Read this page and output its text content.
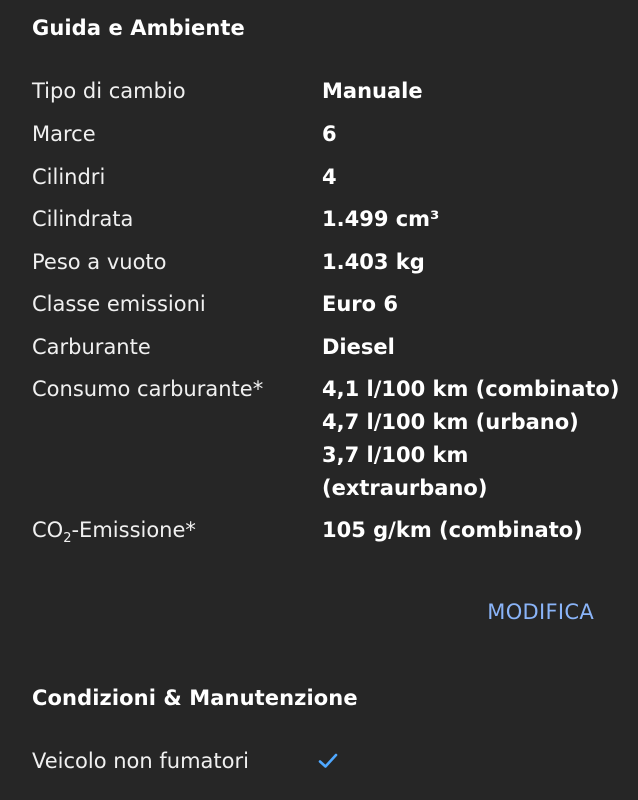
Guida e Ambiente
Tipo di cambio	Manuale
Marce	6
Cilindri	4
Cilindrata	1.499 cm³
Peso a vuoto	1.403 kg
Classe emissioni	Euro 6
Carburante	Diesel
Consumo carburante*	4,1 l/100 km (combinato)
4,7 l/100 km (urbano)
3,7 l/100 km
(extraurbano)
$CO_2-Emissione*$	105 g/km (combinato)
MODIFICA
Condizioni & Manutenzione
Veicolo non fumatori
